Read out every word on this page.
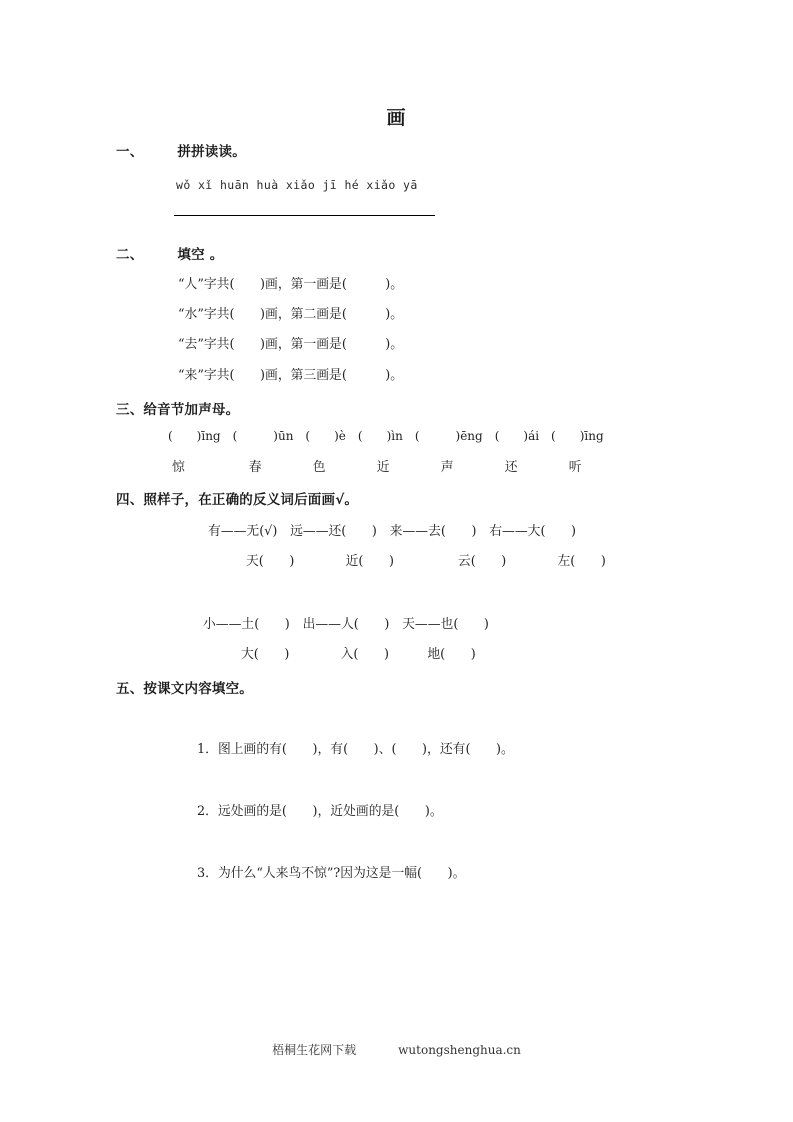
画
一、	拼拼读读。
wǒ xǐ huān huà xiǎo jī hé xiǎo yā
二、	填空 。
“人”字共(　　)画，第一画是(　　　)。
“水”字共(　　)画，第二画是(　　　)。
“去”字共(　　)画，第一画是(　　　)。
“来”字共(　　)画，第三画是(　　　)。
三、给音节加声母。
(　　)īng　(　　　)ūn　(　　)è　(　　)ìn　(　　　)ēng　(　　)ái　(　　)īng
惊　　　　　春　　　　色　　　　近　　　　声　　　　还　　　　听
四、照样子，在正确的反义词后面画√。
有——无(√)　远——还(　　)　来——去(　　)　右——大(　　)
天(　　)　　　　近(　　)　　　　　云(　　)　　　　左(　　)
小——土(　　)　出——人(　　)　天——也(　　)
大(　　)　　　　入(　　)　　　地(　　)
五、按课文内容填空。
1．图上画的有(　　)，有(　　)、(　　)，还有(　　)。
2．远处画的是(　　)，近处画的是(　　)。
3．为什么“人来鸟不惊”?因为这是一幅(　　)。
梧桐生花网下载	wutongshenghua.cn
